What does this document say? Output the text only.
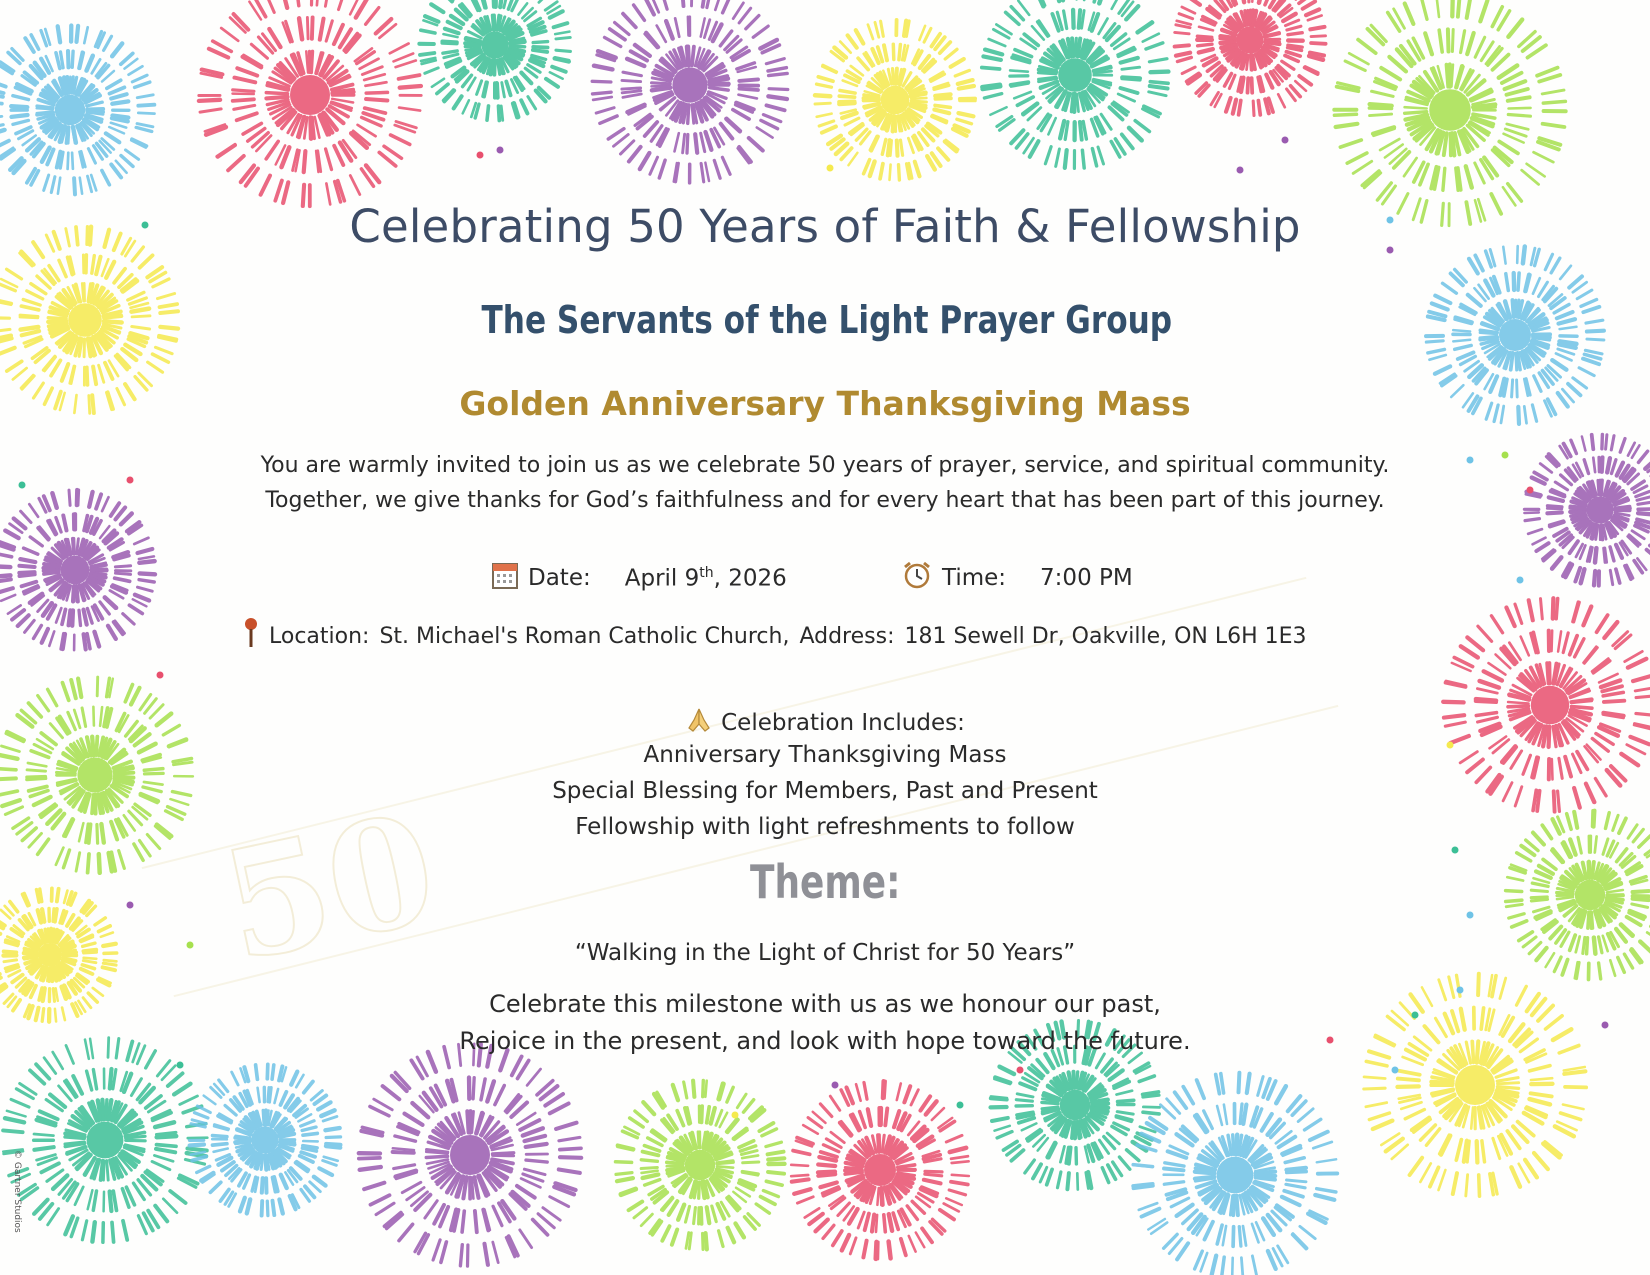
50
Celebrating 50 Years of Faith & Fellowship
The Servants of the Light Prayer Group
Golden Anniversary Thanksgiving Mass
You are warmly invited to join us as we celebrate 50 years of prayer, service, and spiritual community.
Together, we give thanks for God’s faithfulness and for every heart that has been part of this journey.
Date: April 9th, 2026	Time: 7:00 PM
Location: St. Michael's Roman Catholic Church, Address: 181 Sewell Dr, Oakville, ON L6H 1E3
Celebration Includes:
Anniversary Thanksgiving Mass
Special Blessing for Members, Past and Present
Fellowship with light refreshments to follow
Theme:
“Walking in the Light of Christ for 50 Years”
Celebrate this milestone with us as we honour our past,
Rejoice in the present, and look with hope toward the future.
© Gartner Studios
